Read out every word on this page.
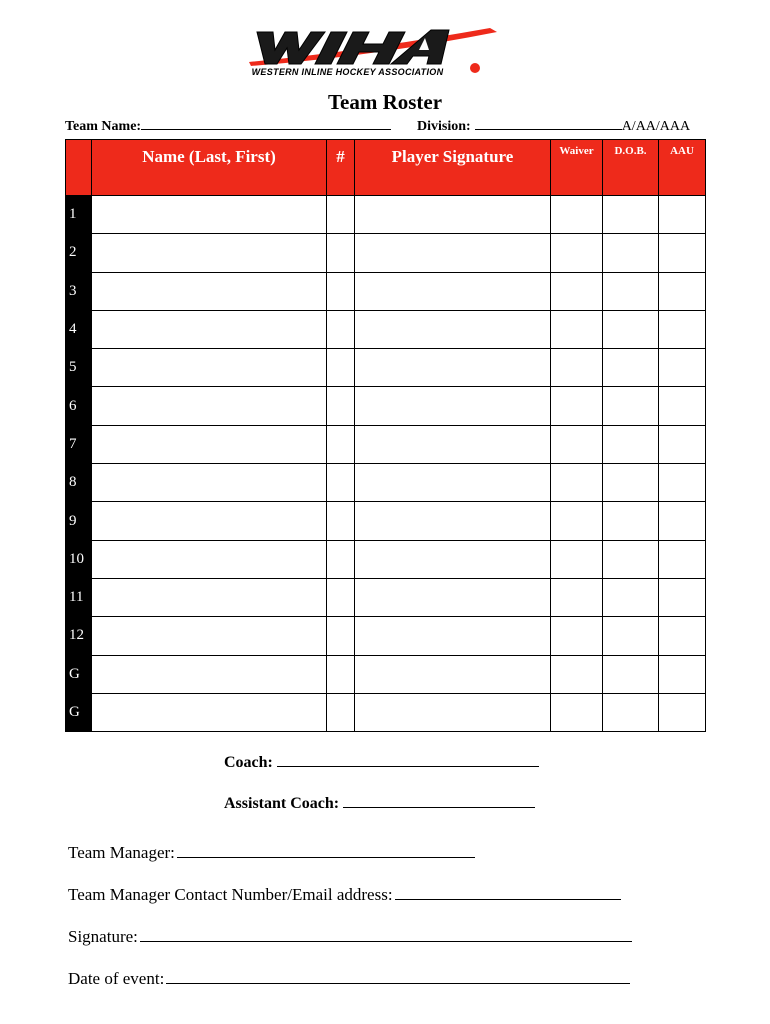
WESTERN INLINE HOCKEY ASSOCIATION
Team Roster
Team Name:	Division:	A/AA/AAA
	Name (Last, First)	#	Player Signature	Waiver	D.O.B.	AAU
1						
2						
3						
4						
5						
6						
7						
8						
9						
10						
11						
12						
G						
G						
Coach:
Assistant Coach:
Team Manager:
Team Manager Contact Number/Email address:
Signature:
Date of event:
